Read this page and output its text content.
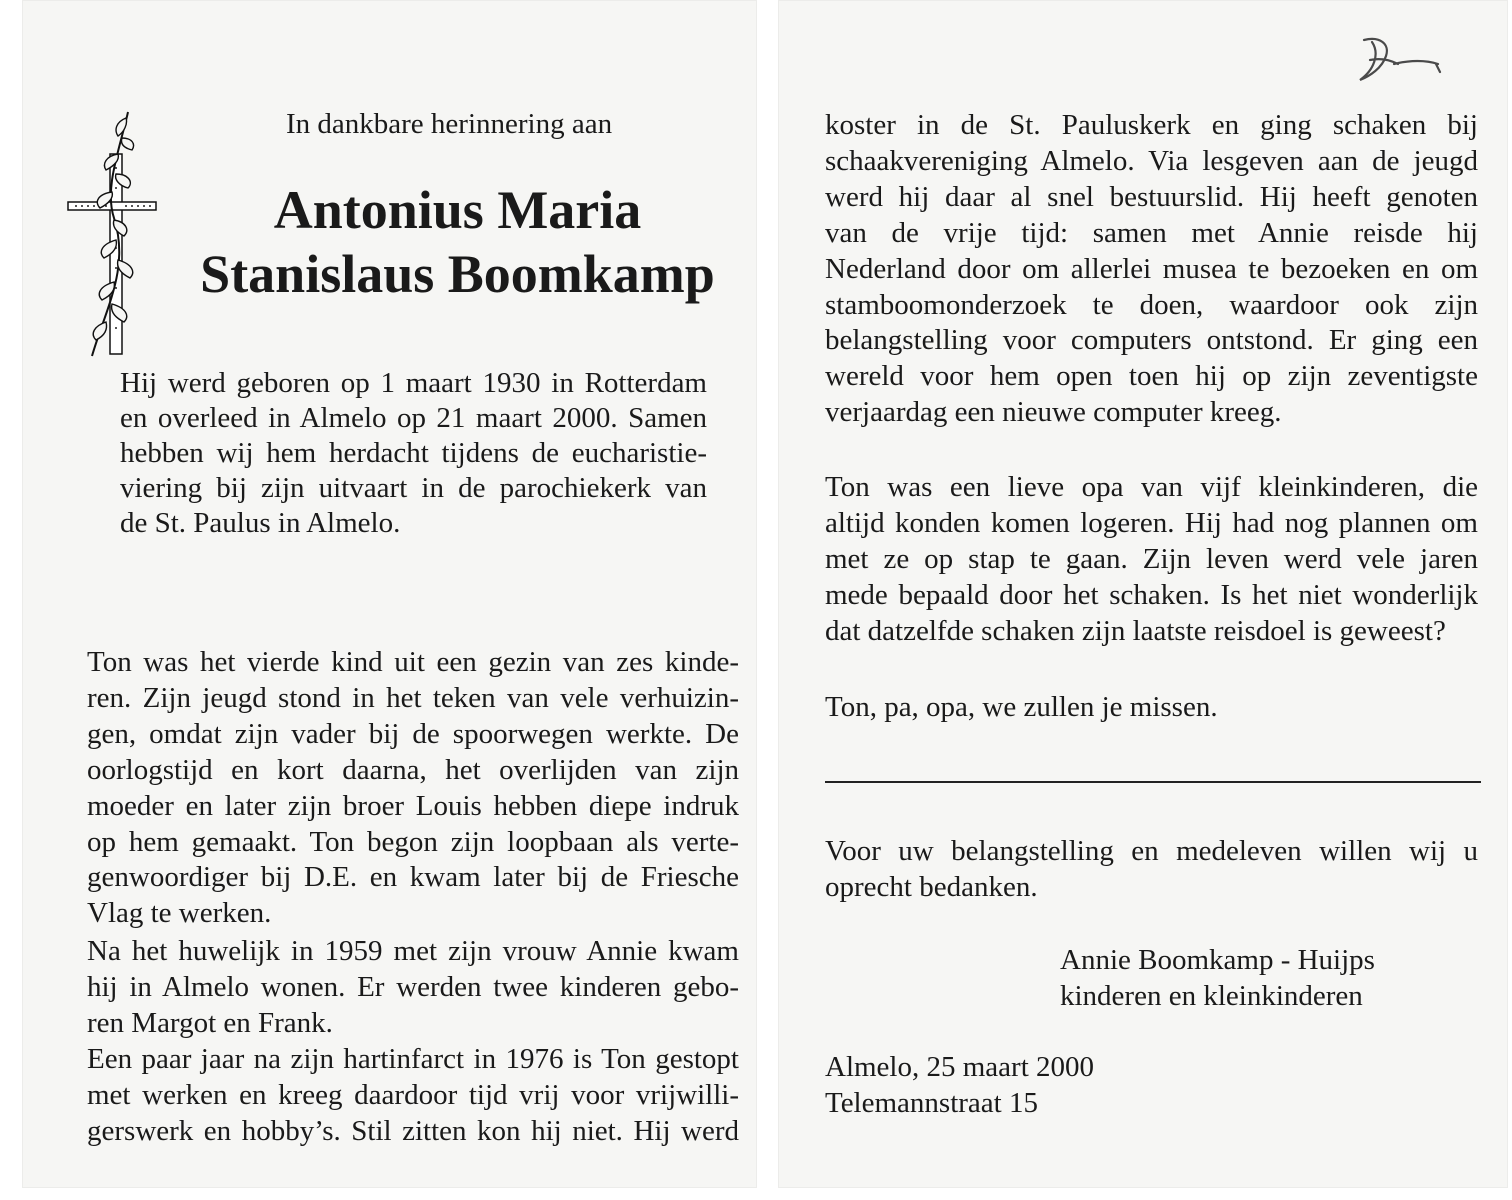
In dankbare herinnering aan
Antonius Maria
Stanislaus Boomkamp
Hij werd geboren op 1 maart 1930 in Rotterdam
en overleed in Almelo op 21 maart 2000. Samen
hebben wij hem herdacht tijdens de eucharistie-
viering bij zijn uitvaart in de parochiekerk van
de St. Paulus in Almelo.
Ton was het vierde kind uit een gezin van zes kinde-
ren. Zijn jeugd stond in het teken van vele verhuizin-
gen, omdat zijn vader bij de spoorwegen werkte. De
oorlogstijd en kort daarna, het overlijden van zijn
moeder en later zijn broer Louis hebben diepe indruk
op hem gemaakt. Ton begon zijn loopbaan als verte-
genwoordiger bij D.E. en kwam later bij de Friesche
Vlag te werken.
Na het huwelijk in 1959 met zijn vrouw Annie kwam
hij in Almelo wonen. Er werden twee kinderen gebo-
ren Margot en Frank.
Een paar jaar na zijn hartinfarct in 1976 is Ton gestopt
met werken en kreeg daardoor tijd vrij voor vrijwilli-
gerswerk en hobby’s. Stil zitten kon hij niet. Hij werd
D
koster in de St. Pauluskerk en ging schaken bij
schaakvereniging Almelo. Via lesgeven aan de jeugd
werd hij daar al snel bestuurslid. Hij heeft genoten
van de vrije tijd: samen met Annie reisde hij
Nederland door om allerlei musea te bezoeken en om
stamboomonderzoek te doen, waardoor ook zijn
belangstelling voor computers ontstond. Er ging een
wereld voor hem open toen hij op zijn zeventigste
verjaardag een nieuwe computer kreeg.
Ton was een lieve opa van vijf kleinkinderen, die
altijd konden komen logeren. Hij had nog plannen om
met ze op stap te gaan. Zijn leven werd vele jaren
mede bepaald door het schaken. Is het niet wonderlijk
dat datzelfde schaken zijn laatste reisdoel is geweest?
Ton, pa, opa, we zullen je missen.
Voor uw belangstelling en medeleven willen wij u
oprecht bedanken.
Annie Boomkamp - Huijps
kinderen en kleinkinderen
Almelo, 25 maart 2000
Telemannstraat 15
